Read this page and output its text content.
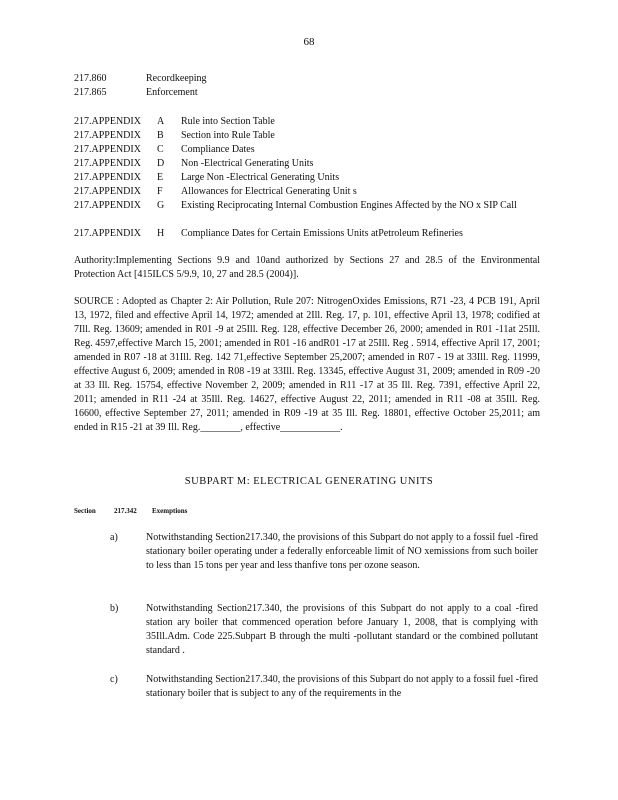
68
217.860	Recordkeeping
217.865	Enforcement
217.APPENDIX A Rule into Section Table
217.APPENDIX B Section into Rule Table
217.APPENDIX C Compliance Dates
217.APPENDIX D Non -Electrical Generating Units
217.APPENDIX E Large Non -Electrical Generating Units
217.APPENDIX F Allowances for Electrical Generating Unit s
217.APPENDIX G Existing Reciprocating Internal Combustion Engines Affected by the NO x SIP Call
217.APPENDIX H Compliance Dates for Certain Emissions Units atPetroleum Refineries
Authority:Implementing Sections 9.9 and 10and authorized by Sections 27 and 28.5 of the Environmental Protection Act [415ILCS 5/9.9, 10, 27 and 28.5 (2004)].
SOURCE : Adopted as Chapter 2: Air Pollution, Rule 207: NitrogenOxides Emissions, R71 -23, 4 PCB 191, April 13, 1972, filed and effective April 14, 1972; amended at 2Ill. Reg. 17, p. 101, effective April 13, 1978; codified at 7Ill. Reg. 13609; amended in R01 -9 at 25Ill. Reg. 128, effective December 26, 2000; amended in R01 -11at 25Ill. Reg. 4597,effective March 15, 2001; amended in R01 -16 andR01 -17 at 25Ill. Reg . 5914, effective April 17, 2001; amended in R07 -18 at 31Ill. Reg. 142 71,effective September 25,2007; amended in R07 - 19 at 33Ill. Reg. 11999, effective August 6, 2009; amended in R08 -19 at 33Ill. Reg. 13345, effective August 31, 2009; amended in R09 -20 at 33 Ill. Reg. 15754, effective November 2, 2009; amended in R11 -17 at 35 Ill. Reg. 7391, effective April 22, 2011; amended in R11 -24 at 35Ill. Reg. 14627, effective August 22, 2011; amended in R11 -08 at 35Ill. Reg. 16600, effective September 27, 2011; amended in R09 -19 at 35 Ill. Reg. 18801, effective October 25,2011; am ended in R15 -21 at 39 Ill. Reg.________, effective____________.
SUBPART M: ELECTRICAL GENERATING UNITS
Section	217.342 Exemptions
a)	Notwithstanding Section217.340, the provisions of this Subpart do not apply to a fossil fuel -fired stationary boiler operating under a federally enforceable limit of NO xemissions from such boiler to less than 15 tons per year and less thanfive tons per ozone season.
b)	Notwithstanding Section217.340, the provisions of this Subpart do not apply to a coal -fired station ary boiler that commenced operation before January 1, 2008, that is complying with 35Ill.Adm. Code 225.Subpart B through the multi -pollutant standard or the combined pollutant standard .
c)	Notwithstanding Section217.340, the provisions of this Subpart do not apply to a fossil fuel -fired stationary boiler that is subject to any of the requirements in the
